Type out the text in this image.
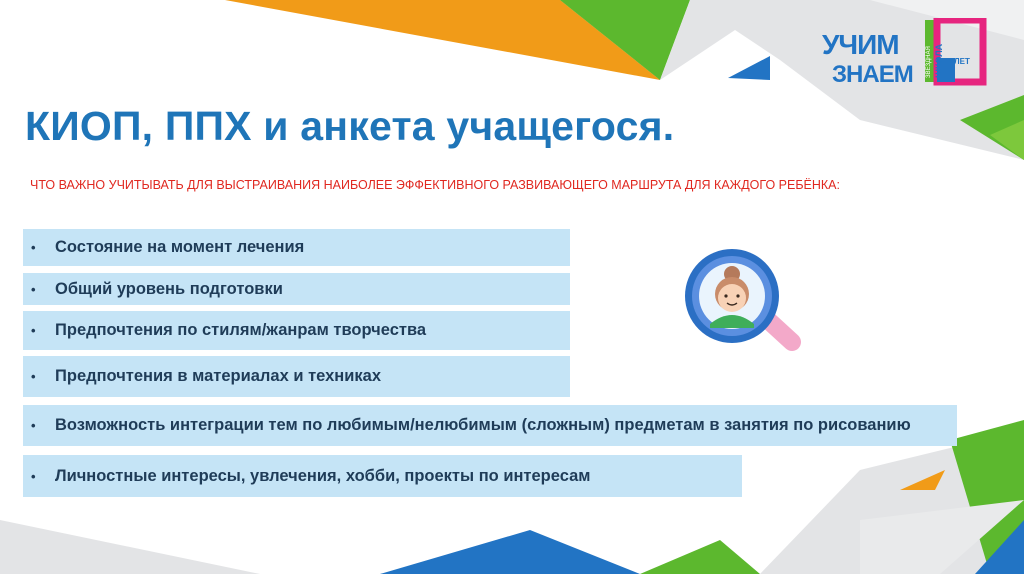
УЧИМ
ЗНАЕМ	ЛЕТ
ЗВЕЗДНАЯ ШКОЛА
КИОП, ППХ и анкета учащегося.
ЧТО ВАЖНО УЧИТЫВАТЬ ДЛЯ ВЫСТРАИВАНИЯ НАИБОЛЕЕ ЭФФЕКТИВНОГО РАЗВИВАЮЩЕГО МАРШРУТА ДЛЯ КАЖДОГО РЕБЁНКА:
•	Состояние на момент лечения
•	Общий уровень подготовки
•	Предпочтения по стилям/жанрам творчества
•	Предпочтения в материалах и техниках
•	Возможность интеграции тем по любимым/нелюбимым (сложным) предметам в занятия по рисованию
•	Личностные интересы, увлечения, хобби, проекты по интересам
